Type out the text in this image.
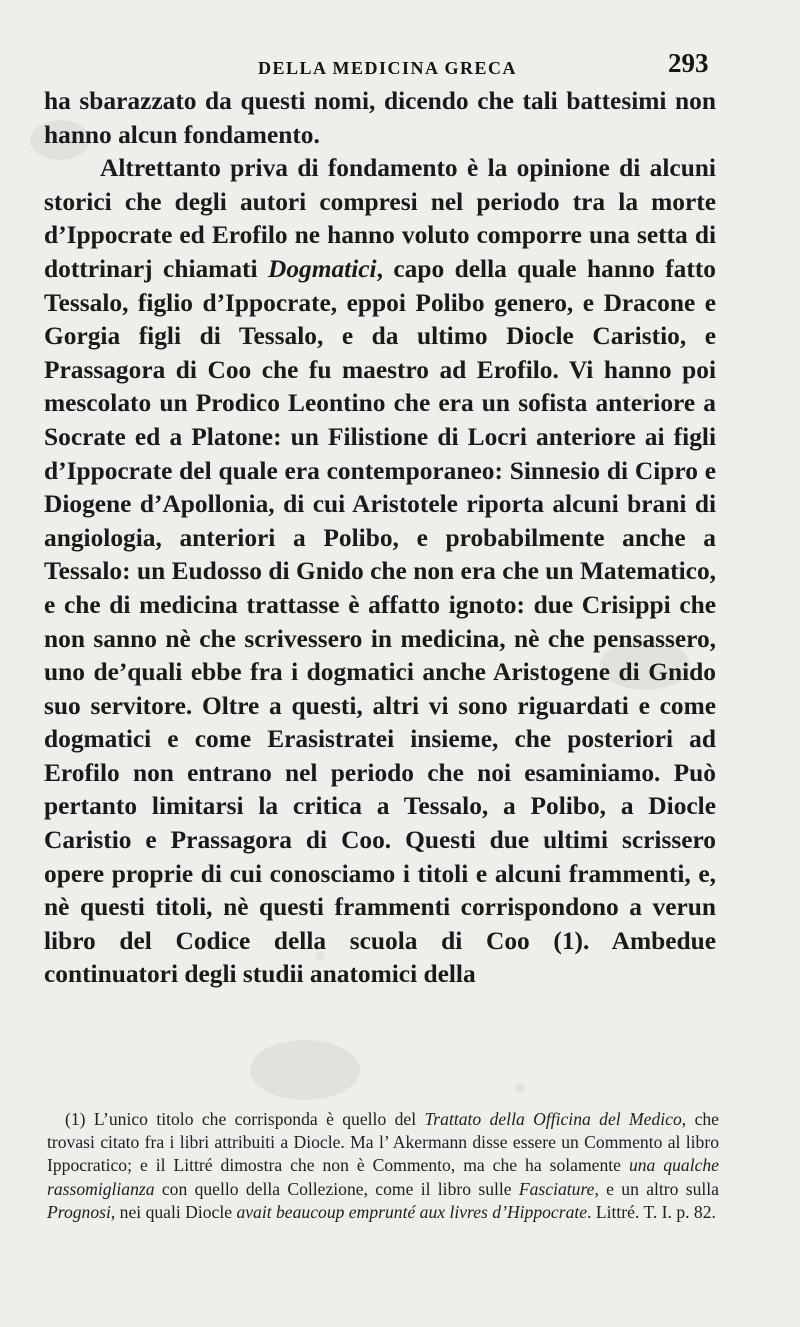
DELLA MEDICINA GRECA	293

ha sbarazzato da questi nomi, dicendo che tali battesimi non hanno alcun fondamento.

Altrettanto priva di fondamento è la opinione di alcuni storici che degli autori compresi nel periodo tra la morte d’Ippocrate ed Erofilo ne hanno voluto comporre una setta di dottrinarj chiamati Dogmatici, capo della quale hanno fatto Tessalo, figlio d’Ippocrate, eppoi Polibo genero, e Dracone e Gorgia figli di Tessalo, e da ultimo Diocle Caristio, e Prassagora di Coo che fu maestro ad Erofilo. Vi hanno poi mescolato un Prodico Leontino che era un sofista anteriore a Socrate ed a Platone: un Filistione di Locri anteriore ai figli d’Ippocrate del quale era contemporaneo: Sinnesio di Cipro e Diogene d’Apollonia, di cui Aristotele riporta alcuni brani di angiologia, anteriori a Polibo, e probabilmente anche a Tessalo: un Eudosso di Gnido che non era che un Matematico, e che di medicina trattasse è affatto ignoto: due Crisippi che non sanno nè che scrivessero in medicina, nè che pensassero, uno de’quali ebbe fra i dogmatici anche Aristogene di Gnido suo servitore. Oltre a questi, altri vi sono riguardati e come dogmatici e come Erasistratei insieme, che posteriori ad Erofilo non entrano nel periodo che noi esaminiamo. Può pertanto limitarsi la critica a Tessalo, a Polibo, a Diocle Caristio e Prassagora di Coo. Questi due ultimi scrissero opere proprie di cui conosciamo i titoli e alcuni frammenti, e, nè questi titoli, nè questi frammenti corrispondono a verun libro del Codice della scuola di Coo (1). Ambedue continuatori degli studii anatomici della

(1) L’unico titolo che corrisponda è quello del Trattato della Officina del Medico, che trovasi citato fra i libri attribuiti a Diocle. Ma l’ Akermann disse essere un Commento al libro Ippocratico; e il Littré dimostra che non è Commento, ma che ha solamente una qualche rassomiglianza con quello della Collezione, come il libro sulle Fasciature, e un altro sulla Prognosi, nei quali Diocle avait beaucoup emprunté aux livres d’Hippocrate. Littré. T. I. p. 82.
